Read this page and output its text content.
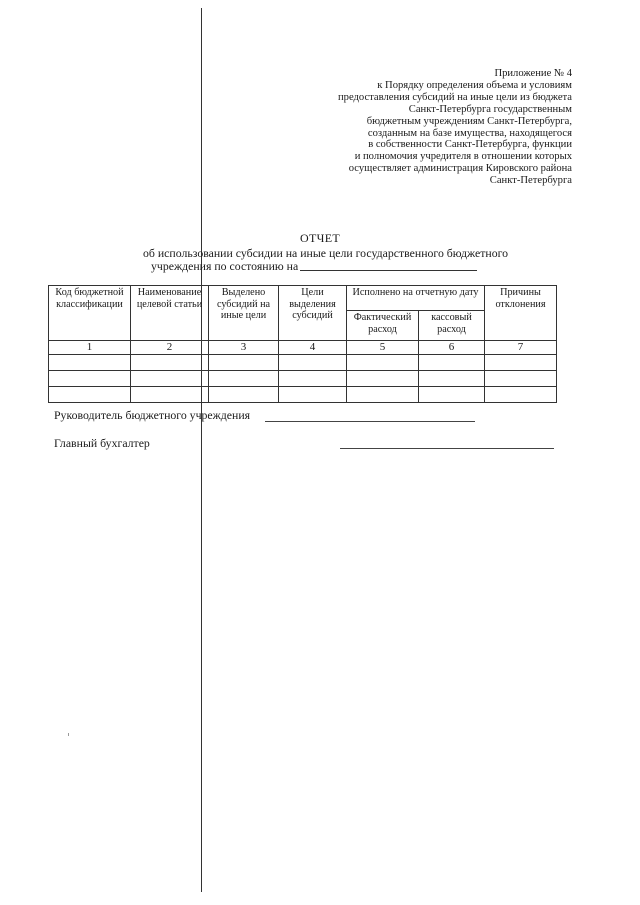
Приложение № 4
к Порядку определения объема и условиям
предоставления субсидий на иные цели из бюджета
Санкт-Петербурга государственным
бюджетным учреждениям Санкт-Петербурга,
созданным на базе имущества, находящегося
в собственности Санкт-Петербурга, функции
и полномочия учредителя в отношении которых
осуществляет администрация Кировского района
Санкт-Петербурга
ОТЧЕТ
об использовании субсидии на иные цели государственного бюджетного
учреждения по состоянию на
Код бюджетной классификации	Наименование целевой статьи	Выделено субсидий на иные цели	Цели выделения субсидий	Исполнено на отчетную дату		Причины отклонения
				Фактический расход	кассовый расход	
1	2	3	4	5	6	7

Руководитель бюджетного учреждения
Главный бухгалтер
